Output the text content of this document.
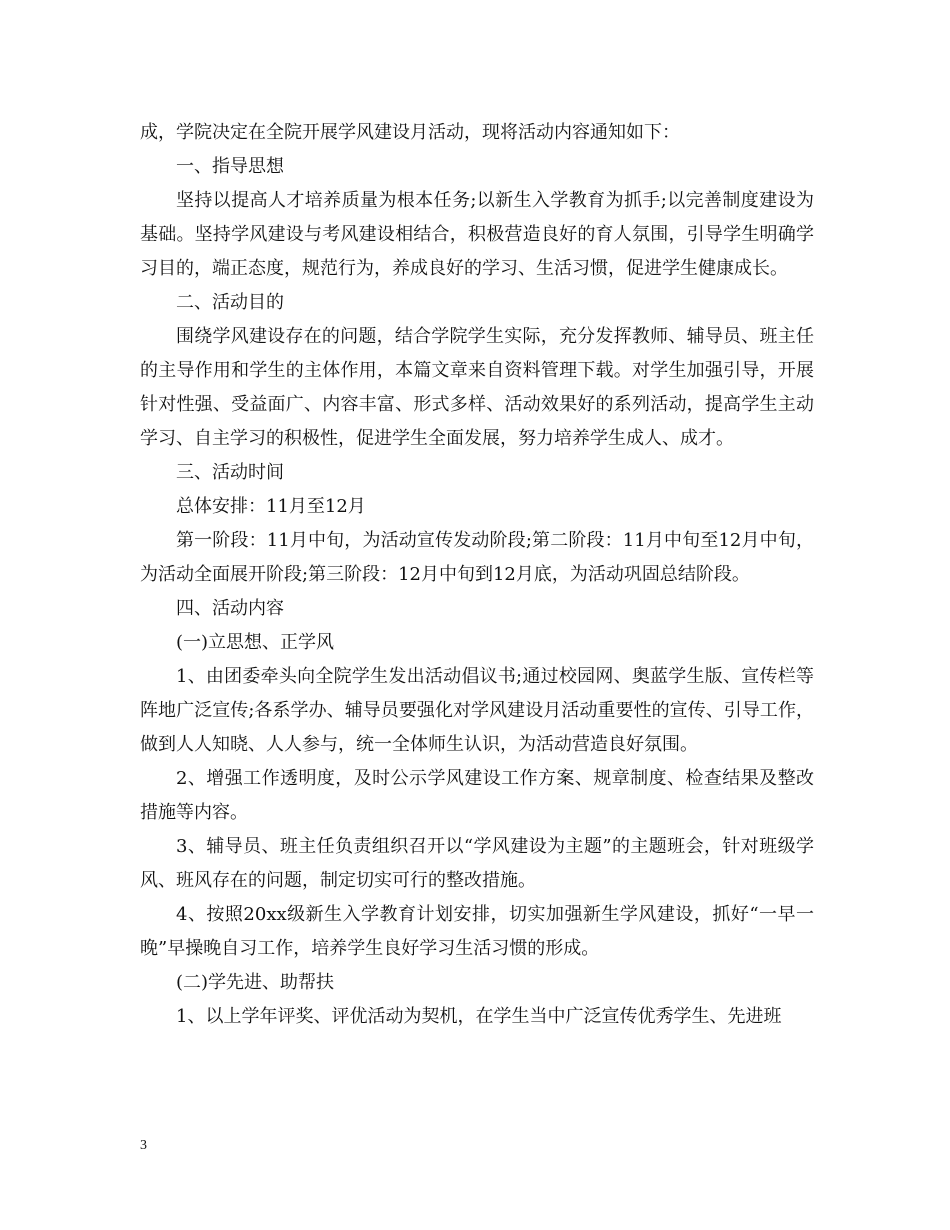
成，学院决定在全院开展学风建设月活动，现将活动内容通知如下：

一、指导思想

坚持以提高人才培养质量为根本任务;以新生入学教育为抓手;以完善制度建设为基础。坚持学风建设与考风建设相结合，积极营造良好的育人氛围，引导学生明确学习目的，端正态度，规范行为，养成良好的学习、生活习惯，促进学生健康成长。

二、活动目的

围绕学风建设存在的问题，结合学院学生实际，充分发挥教师、辅导员、班主任的主导作用和学生的主体作用，本篇文章来自资料管理下载。对学生加强引导，开展针对性强、受益面广、内容丰富、形式多样、活动效果好的系列活动，提高学生主动学习、自主学习的积极性，促进学生全面发展，努力培养学生成人、成才。

三、活动时间

总体安排：11月至12月

第一阶段：11月中旬，为活动宣传发动阶段;第二阶段：11月中旬至12月中旬，为活动全面展开阶段;第三阶段：12月中旬到12月底，为活动巩固总结阶段。

四、活动内容

(一)立思想、正学风

1、由团委牵头向全院学生发出活动倡议书;通过校园网、奥蓝学生版、宣传栏等阵地广泛宣传;各系学办、辅导员要强化对学风建设月活动重要性的宣传、引导工作，做到人人知晓、人人参与，统一全体师生认识，为活动营造良好氛围。

2、增强工作透明度，及时公示学风建设工作方案、规章制度、检查结果及整改措施等内容。

3、辅导员、班主任负责组织召开以“学风建设为主题”的主题班会，针对班级学风、班风存在的问题，制定切实可行的整改措施。

4、按照20xx级新生入学教育计划安排，切实加强新生学风建设，抓好“一早一晚”早操晚自习工作，培养学生良好学习生活习惯的形成。

(二)学先进、助帮扶

1、以上学年评奖、评优活动为契机，在学生当中广泛宣传优秀学生、先进班

3
